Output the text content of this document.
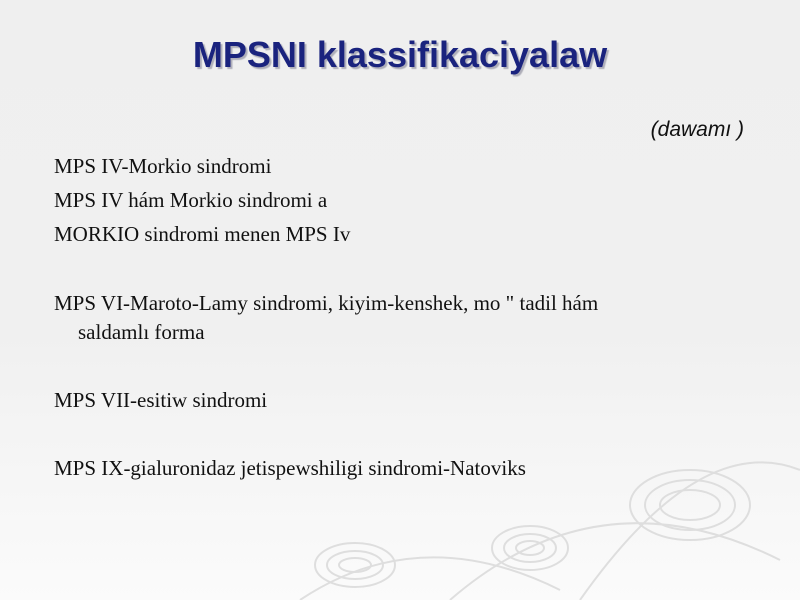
MPSNI klassifikaciyalaw
(dawamı )
MPS IV-Morkio sindromi
MPS IV hám Morkio sindromi a
MORKIO sindromi menen MPS Iv
MPS VI-Maroto-Lamy sindromi, kiyim-kenshek, mo " tadil hám
saldamlı forma
MPS VII-esitiw sindromi
MPS IX-gialuronidaz jetispewshiligi sindromi-Natoviks
